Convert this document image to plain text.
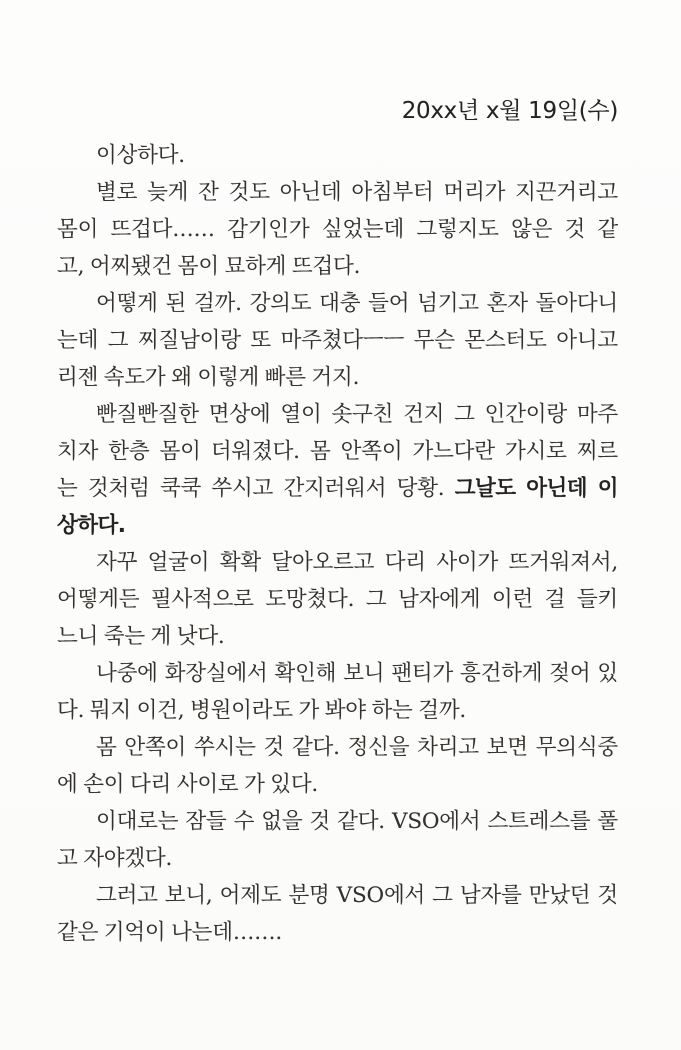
20xx년 x월 19일(수)
이상하다.
별로 늦게 잔 것도 아닌데 아침부터 머리가 지끈거리고
몸이 뜨겁다…… 감기인가 싶었는데 그렇지도 않은 것 같
고, 어찌됐건 몸이 묘하게 뜨겁다.
어떻게 된 걸까. 강의도 대충 들어 넘기고 혼자 돌아다니
는데 그 찌질남이랑 또 마주쳤다ㅡㅡ 무슨 몬스터도 아니고
리젠 속도가 왜 이렇게 빠른 거지.
빤질빤질한 면상에 열이 솟구친 건지 그 인간이랑 마주
치자 한층 몸이 더워졌다. 몸 안쪽이 가느다란 가시로 찌르
는 것처럼 쿡쿡 쑤시고 간지러워서 당황. 그날도 아닌데 이
상하다.
자꾸 얼굴이 확확 달아오르고 다리 사이가 뜨거워져서,
어떻게든 필사적으로 도망쳤다. 그 남자에게 이런 걸 들키
느니 죽는 게 낫다.
나중에 화장실에서 확인해 보니 팬티가 흥건하게 젖어 있
다. 뭐지 이건, 병원이라도 가 봐야 하는 걸까.
몸 안쪽이 쑤시는 것 같다. 정신을 차리고 보면 무의식중
에 손이 다리 사이로 가 있다.
이대로는 잠들 수 없을 것 같다. VSO에서 스트레스를 풀
고 자야겠다.
그러고 보니, 어제도 분명 VSO에서 그 남자를 만났던 것
같은 기억이 나는데…….
